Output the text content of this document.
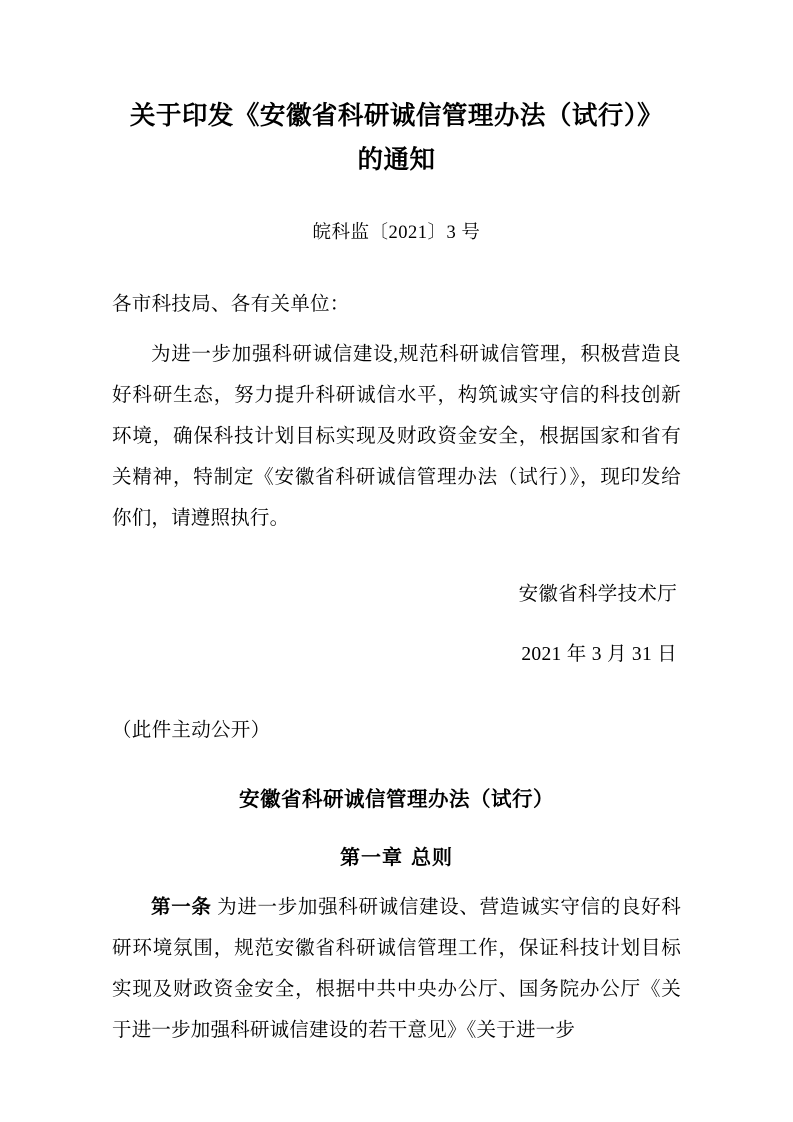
关于印发《安徽省科研诚信管理办法（试行）》的通知
皖科监〔2021〕3 号
各市科技局、各有关单位：
为进一步加强科研诚信建设,规范科研诚信管理，积极营造良好科研生态，努力提升科研诚信水平，构筑诚实守信的科技创新环境，确保科技计划目标实现及财政资金安全，根据国家和省有关精神，特制定《安徽省科研诚信管理办法（试行）》，现印发给你们，请遵照执行。
安徽省科学技术厅
2021 年 3 月 31 日
（此件主动公开）
安徽省科研诚信管理办法（试行）
第一章 总则
第一条 为进一步加强科研诚信建设、营造诚实守信的良好科研环境氛围，规范安徽省科研诚信管理工作，保证科技计划目标实现及财政资金安全，根据中共中央办公厅、国务院办公厅《关于进一步加强科研诚信建设的若干意见》《关于进一步
